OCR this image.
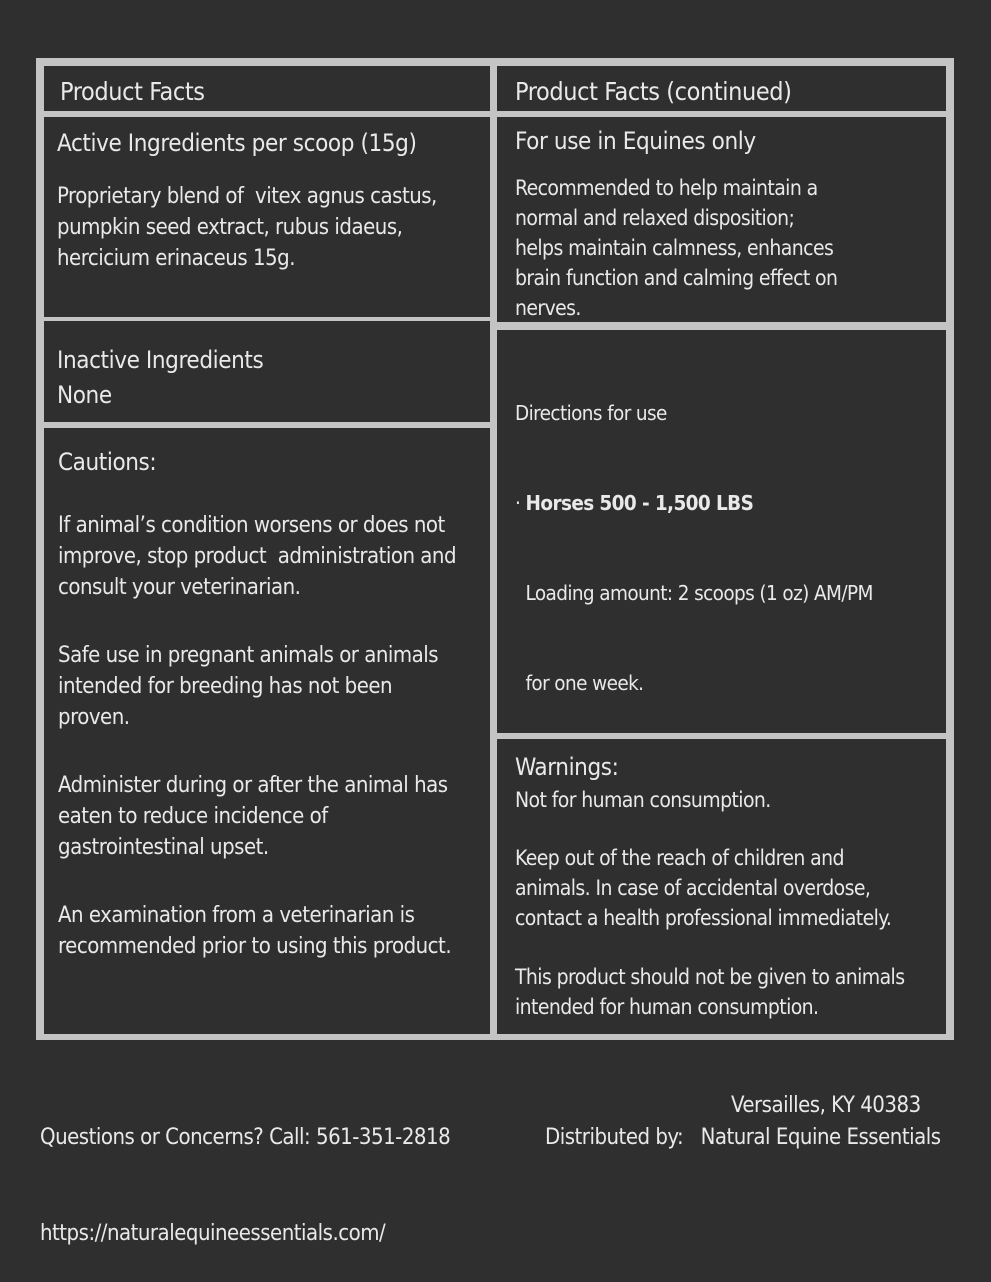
Product Facts
Active Ingredients per scoop (15g)
Proprietary blend of  vitex agnus castus,
pumpkin seed extract, rubus idaeus,
hercicium erinaceus 15g.
Inactive Ingredients
None
Cautions:
If animal’s condition worsens or does not
improve, stop product  administration and
consult your veterinarian.
Safe use in pregnant animals or animals
intended for breeding has not been
proven.
Administer during or after the animal has
eaten to reduce incidence of
gastrointestinal upset.
An examination from a veterinarian is
recommended prior to using this product.
Product Facts (continued)
For use in Equines only
Recommended to help maintain a
normal and relaxed disposition;
helps maintain calmness, enhances
brain function and calming effect on
nerves.

Directions for use

· Horses 500 - 1,500 LBS

Loading amount: 2 scoops (1 oz) AM/PM

for one week.

Warnings:
Not for human consumption.
Keep out of the reach of children and
animals. In case of accidental overdose,
contact a health professional immediately.
This product should not be given to animals
intended for human consumption.

Questions or Concerns? Call: 561-351-2818

https://naturalequineessentials.com/

Distributed by: Natural Equine Essentials

Versailles, KY 40383
